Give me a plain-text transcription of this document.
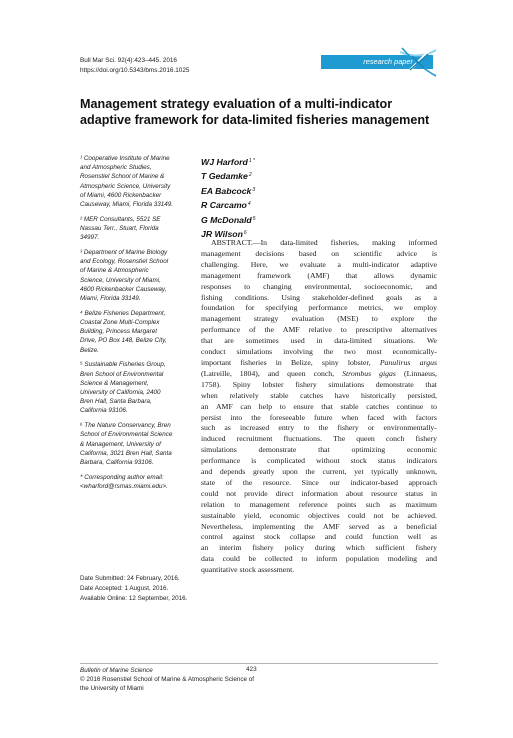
Bull Mar Sci. 92(4):423–445. 2016
https://doi.org/10.5343/bms.2016.1025
research paper
Management strategy evaluation of a multi-indicator
adaptive framework for data-limited fisheries management
¹ Cooperative Institute of Marine
and Atmospheric Studies,
Rosenstiel School of Marine &
Atmospheric Science, University
of Miami, 4600 Rickenbacker
Causeway, Miami, Florida 33149.
² MER Consultants, 5521 SE
Nassau Terr., Stuart, Florida
34997.
³ Department of Marine Biology
and Ecology, Rosenstiel School
of Marine & Atmospheric
Science, University of Miami,
4600 Rickenbacker Causeway,
Miami, Florida 33149.
⁴ Belize Fisheries Department,
Coastal Zone Multi-Complex
Building, Princess Margaret
Drive, PO Box 148, Belize City,
Belize.
⁵ Sustainable Fisheries Group,
Bren School of Environmental
Science & Management,
University of California, 2400
Bren Hall, Santa Barbara,
California 93106.
⁶ The Nature Conservancy, Bren
School of Environmental Science
& Management, University of
California, 3021 Bren Hall, Santa
Barbara, California 93106.
* Corresponding author email:
<wharford@rsmas.miami.edu>.
WJ Harford$^{1 *}$
T Gedamke$^2$
EA Babcock$^3$
R Carcamo$^4$
G McDonald$^5$
JR Wilson$^6$
ABSTRACT.—In data-limited fisheries, making informed
management decisions based on scientific advice is
challenging. Here, we evaluate a multi-indicator adaptive
management framework (AMF) that allows dynamic
responses to changing environmental, socioeconomic, and
fishing conditions. Using stakeholder-defined goals as a
foundation for specifying performance metrics, we employ
management strategy evaluation (MSE) to explore the
performance of the AMF relative to prescriptive alternatives
that are sometimes used in data-limited situations. We
conduct simulations involving the two most economically-
important fisheries in Belize, spiny lobster, Panulirus argus
(Latreille, 1804), and queen conch, Strombus gigas (Linnaeus,
1758). Spiny lobster fishery simulations demonstrate that
when relatively stable catches have historically persisted,
an AMF can help to ensure that stable catches continue to
persist into the foreseeable future when faced with factors
such as increased entry to the fishery or environmentally-
induced recruitment fluctuations. The queen conch fishery
simulations	demonstrate	that	optimizing	economic
performance is complicated without stock status indicators
and depends greatly upon the current, yet typically unknown,
state of the resource. Since our indicator-based approach
could not provide direct information about resource status in
relation to management reference points such as maximum
sustainable yield, economic objectives could not be achieved.
Nevertheless, implementing the AMF served as a beneficial
control against stock collapse and could function well as
an interim fishery policy during which sufficient fishery
data could be collected to inform population modeling and
quantitative stock assessment.
Date Submitted: 24 February, 2016.
Date Accepted: 1 August, 2016.
Available Online: 12 September, 2016.
Bulletin of Marine Science
© 2016 Rosenstiel School of Marine & Atmospheric Science of
the University of Miami
423
